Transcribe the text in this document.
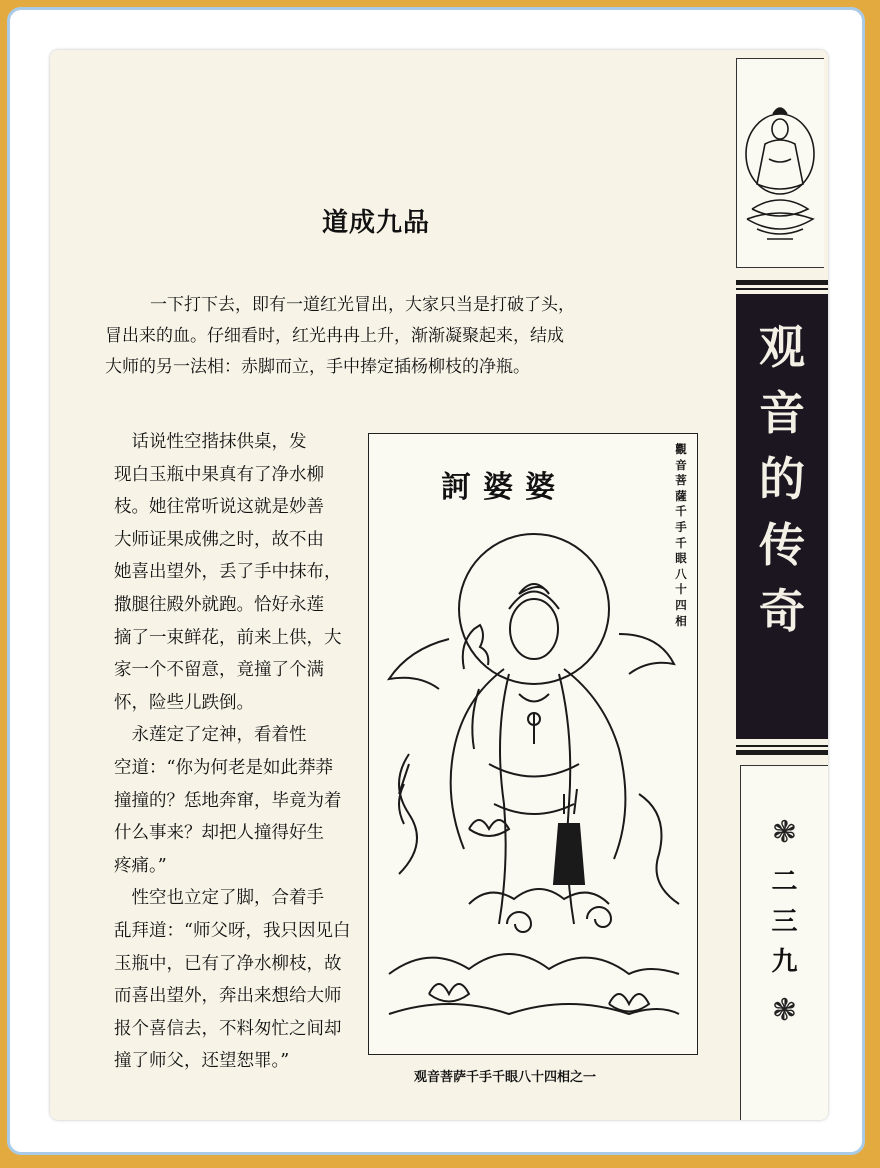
道成九品
一下打下去，即有一道红光冒出，大家只当是打破了头，
冒出来的血。仔细看时，红光冉冉上升，渐渐凝聚起来，结成
大师的另一法相：赤脚而立，手中捧定插杨柳枝的净瓶。
　话说性空揩抹供桌，发
现白玉瓶中果真有了净水柳
枝。她往常听说这就是妙善
大师证果成佛之时，故不由
她喜出望外，丢了手中抹布，
撒腿往殿外就跑。恰好永莲
摘了一束鲜花，前来上供，大
家一个不留意，竟撞了个满
怀，险些儿跌倒。
　永莲定了定神，看着性
空道：“你为何老是如此莽莽
撞撞的？恁地奔窜，毕竟为着
什么事来？却把人撞得好生
疼痛。”
　性空也立定了脚，合着手
乱拜道：“师父呀，我只因见白
玉瓶中，已有了净水柳枝，故
而喜出望外，奔出来想给大师
报个喜信去，不料匆忙之间却
撞了师父，还望恕罪。”
訶婆婆
觀音菩薩千手千眼八十四相
观音菩萨千手千眼八十四相之一
观
音
的
传
奇
❃
二
三
九
❃
